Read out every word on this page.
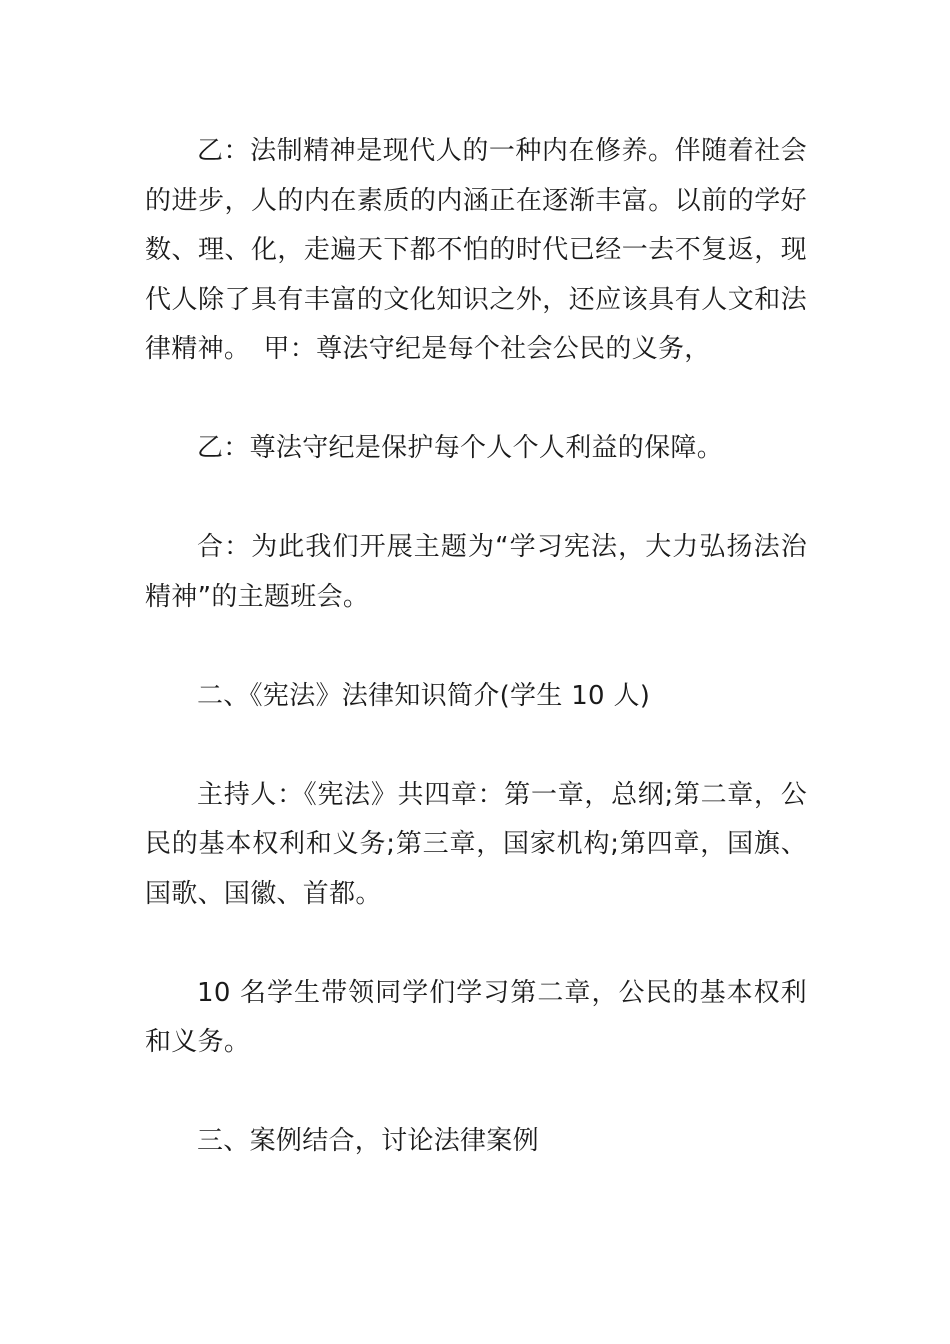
乙：法制精神是现代人的一种内在修养。伴随着社会的进步，人的内在素质的内涵正在逐渐丰富。以前的学好数、理、化，走遍天下都不怕的时代已经一去不复返，现代人除了具有丰富的文化知识之外，还应该具有人文和法律精神。　甲：尊法守纪是每个社会公民的义务，

乙：尊法守纪是保护每个人个人利益的保障。

合：为此我们开展主题为“学习宪法，大力弘扬法治精神”的主题班会。

二、《宪法》法律知识简介(学生 10 人)

主持人：《宪法》共四章：第一章，总纲;第二章，公民的基本权利和义务;第三章，国家机构;第四章，国旗、国歌、国徽、首都。

10 名学生带领同学们学习第二章，公民的基本权利和义务。

三、案例结合，讨论法律案例
